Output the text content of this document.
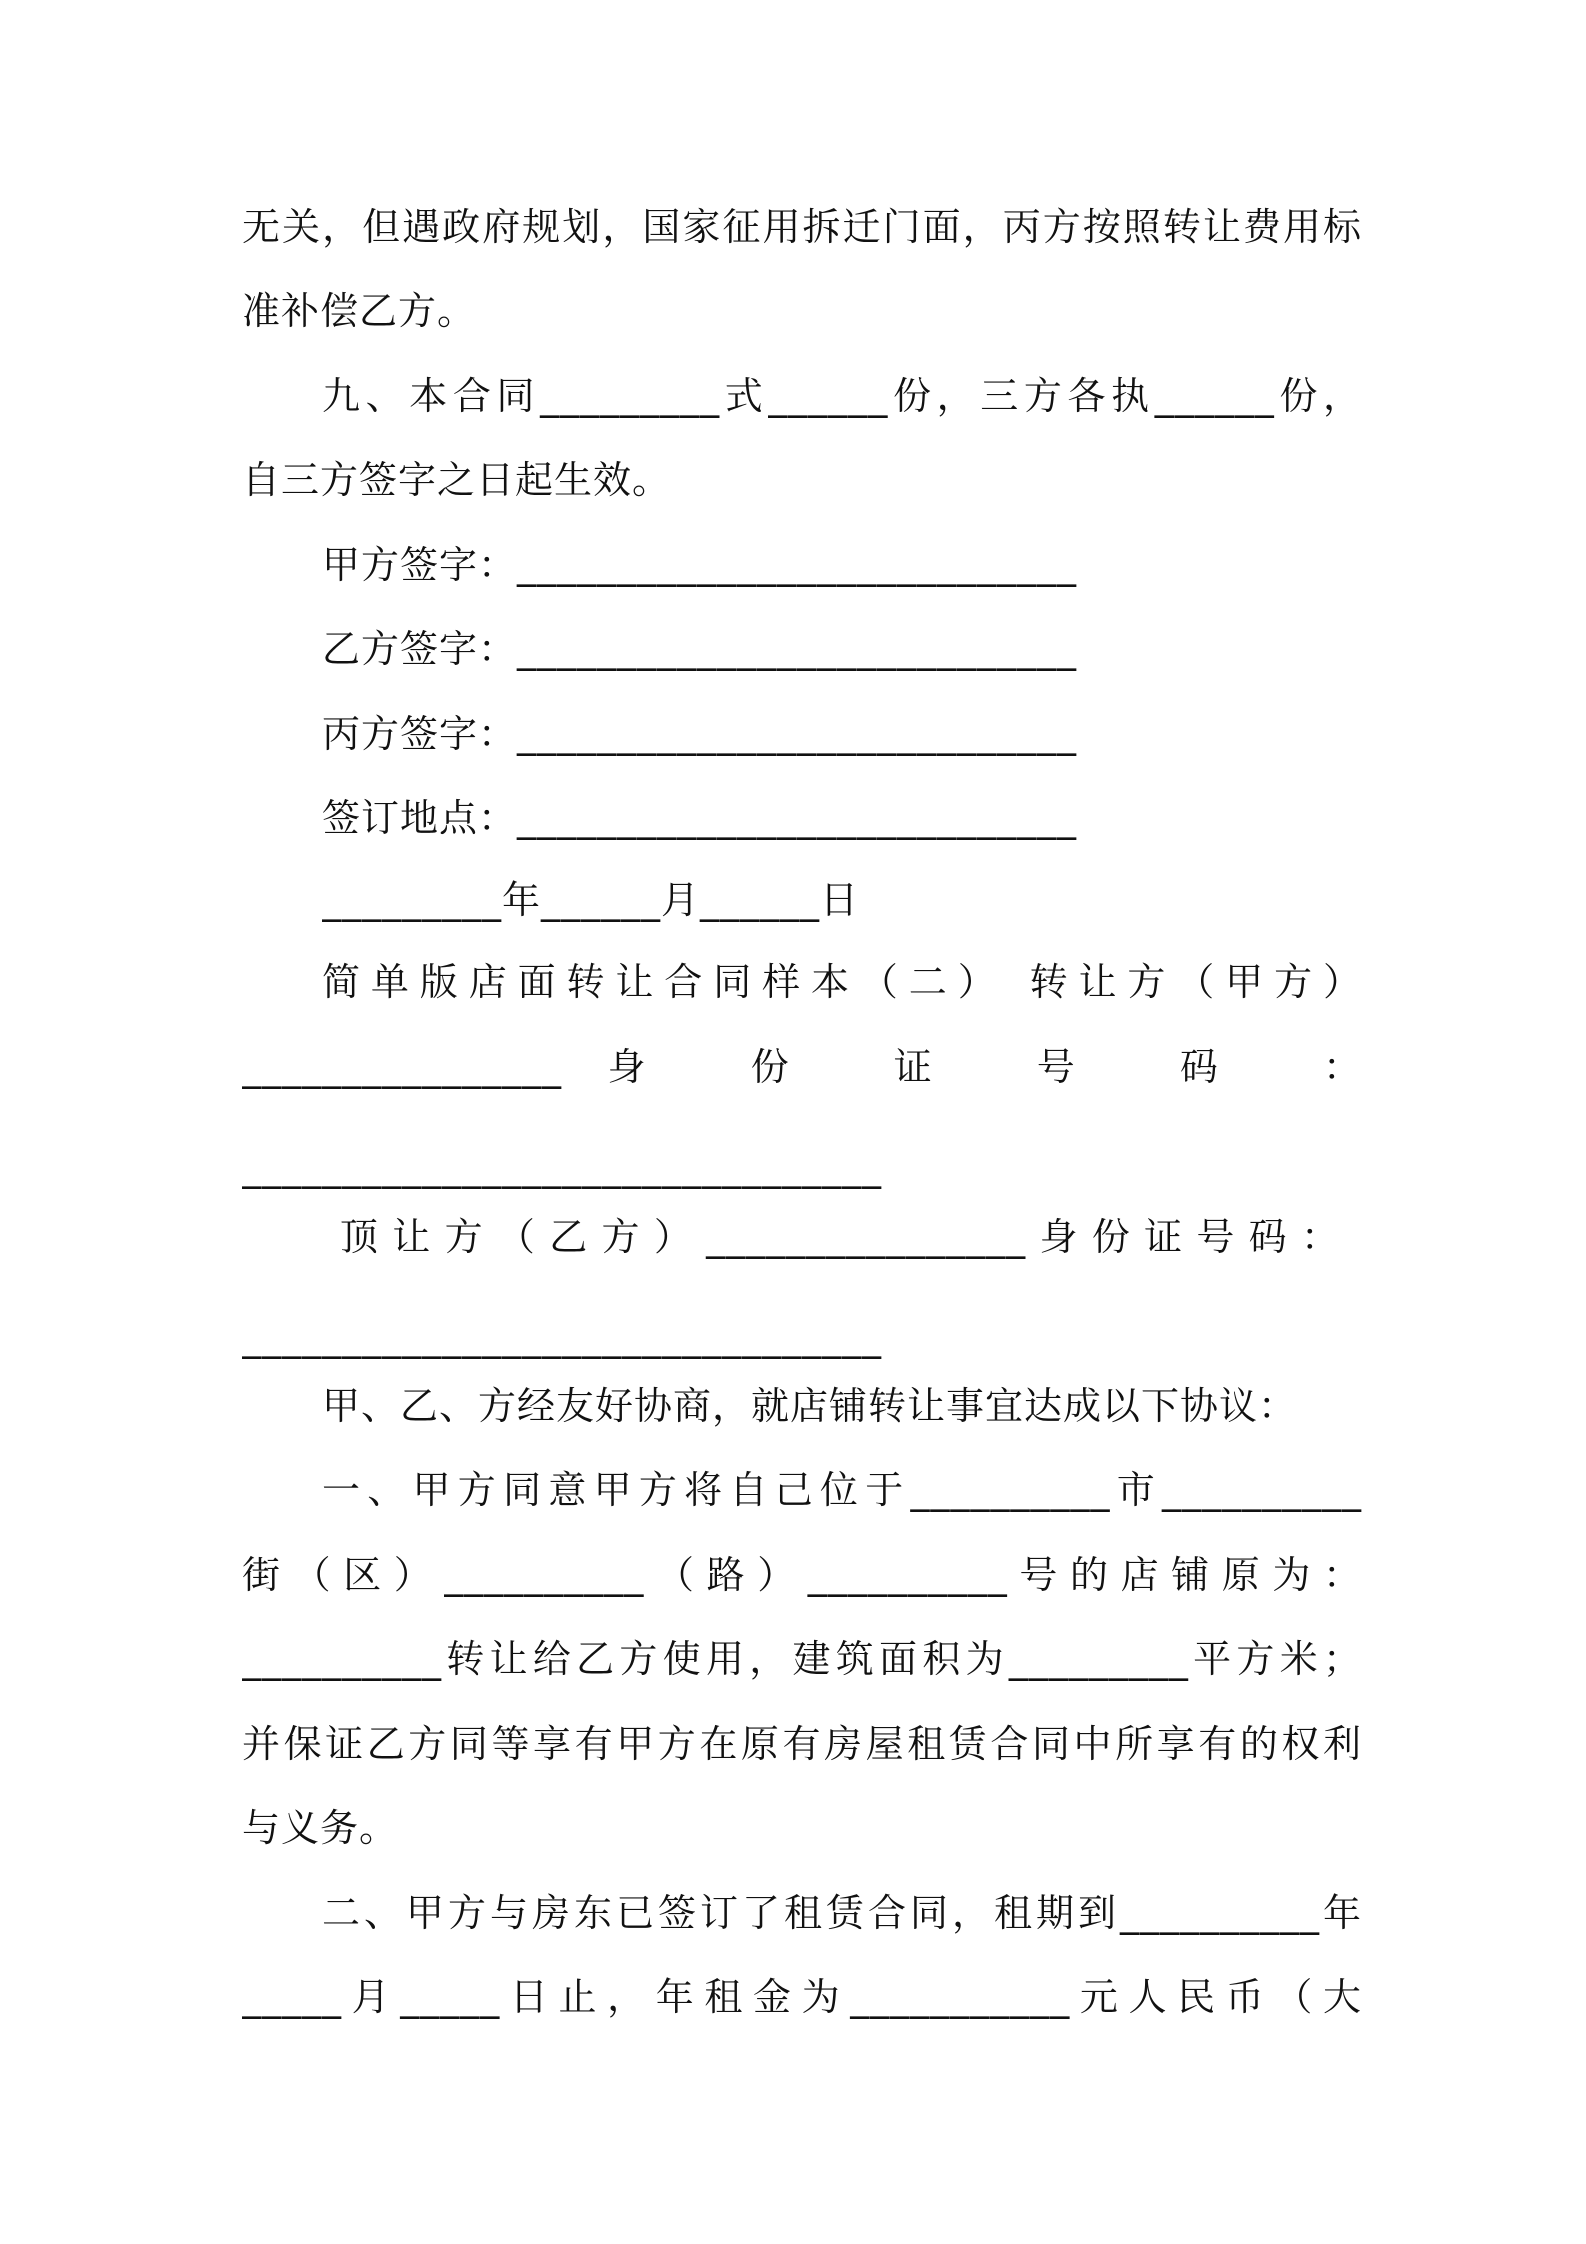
无关，但遇政府规划，国家征用拆迁门面，丙方按照转让费用标
准补偿乙方。
九、本合同_________式______份，三方各执______份，
自三方签字之日起生效。
甲方签字：____________________________
乙方签字：____________________________
丙方签字：____________________________
签订地点：____________________________
_________年______月______日
简单版店面转让合同样本（二） 转让方（甲方）
________________身 份 证 号 码 ：
________________________________
顶让方（乙方）________________身份证号码：
________________________________
甲、乙、方经友好协商，就店铺转让事宜达成以下协议：
一、甲方同意甲方将自己位于__________市__________
街（区）__________（路）__________号的店铺原为：
__________转让给乙方使用，建筑面积为_________平方米；
并保证乙方同等享有甲方在原有房屋租赁合同中所享有的权利
与义务。
二、甲方与房东已签订了租赁合同，租期到__________年
_____月_____日止，年租金为___________元人民币（大
